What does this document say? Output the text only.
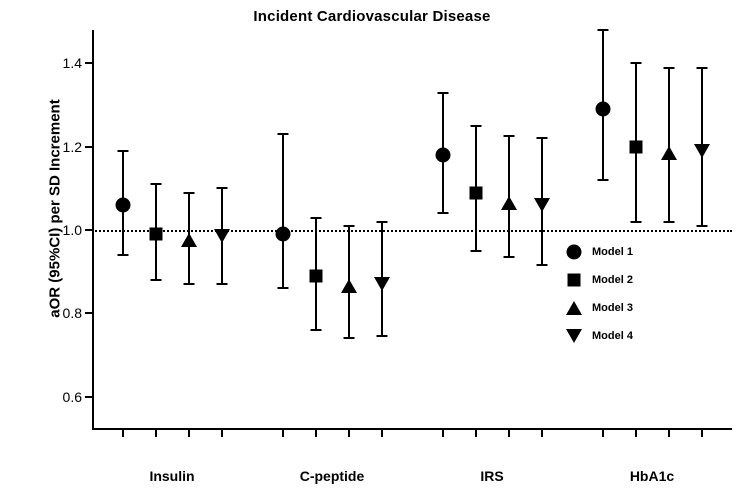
Incident Cardiovascular Disease
aOR (95%CI) per SD Increment
0.6
0.8
1.0
1.2
1.4
Insulin	C-peptide	IRS	HbA1c
Model 1
Model 2
Model 3
Model 4
